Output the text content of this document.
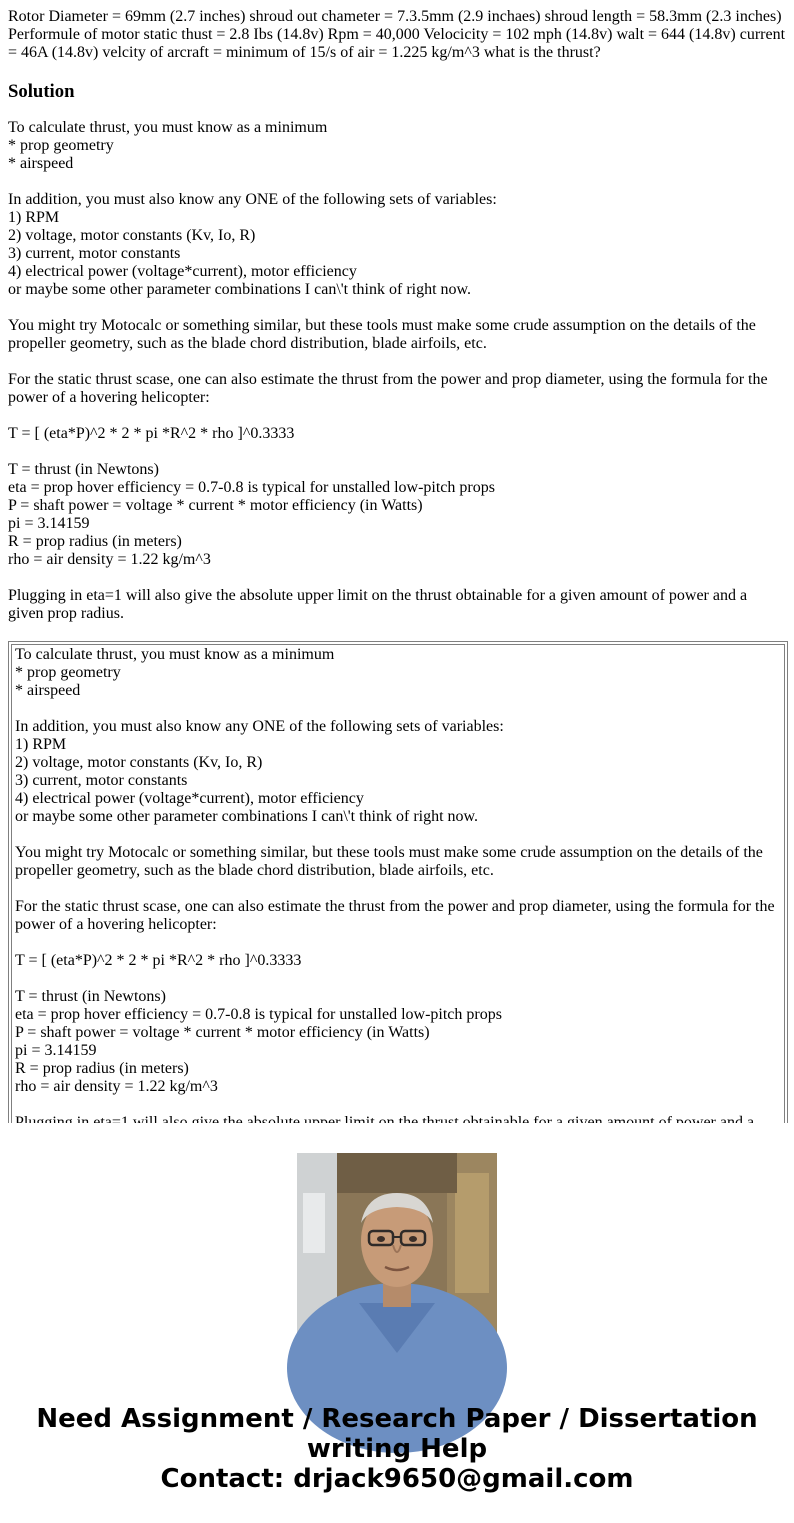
Rotor Diameter = 69mm (2.7 inches) shroud out chameter = 7.3.5mm (2.9 inchaes) shroud length = 58.3mm (2.3 inches) Performule of motor static thust = 2.8 Ibs (14.8v) Rpm = 40,000 Velocicity = 102 mph (14.8v) walt = 644 (14.8v) current = 46A (14.8v) velcity of arcraft = minimum of 15/s of air = 1.225 kg/m^3 what is the thrust?

Solution

To calculate thrust, you must know as a minimum

* prop geometry

* airspeed

In addition, you must also know any ONE of the following sets of variables:

1) RPM

2) voltage, motor constants (Kv, Io, R)

3) current, motor constants

4) electrical power (voltage*current), motor efficiency

or maybe some other parameter combinations I can\'t think of right now.

You might try Motocalc or something similar, but these tools must make some crude assumption on the details of the propeller geometry, such as the blade chord distribution, blade airfoils, etc.

For the static thrust scase, one can also estimate the thrust from the power and prop diameter, using the formula for the power of a hovering helicopter:

T = [ (eta*P)^2 * 2 * pi *R^2 * rho ]^0.3333

T = thrust (in Newtons)

eta = prop hover efficiency = 0.7-0.8 is typical for unstalled low-pitch props

P = shaft power = voltage * current * motor efficiency (in Watts)

pi = 3.14159

R = prop radius (in meters)

rho = air density = 1.22 kg/m^3

Plugging in eta=1 will also give the absolute upper limit on the thrust obtainable for a given amount of power and a given prop radius.

To calculate thrust, you must know as a minimum

* prop geometry

* airspeed

In addition, you must also know any ONE of the following sets of variables:

1) RPM

2) voltage, motor constants (Kv, Io, R)

3) current, motor constants

4) electrical power (voltage*current), motor efficiency

or maybe some other parameter combinations I can\'t think of right now.

You might try Motocalc or something similar, but these tools must make some crude assumption on the details of the propeller geometry, such as the blade chord distribution, blade airfoils, etc.

For the static thrust scase, one can also estimate the thrust from the power and prop diameter, using the formula for the power of a hovering helicopter:

T = [ (eta*P)^2 * 2 * pi *R^2 * rho ]^0.3333

T = thrust (in Newtons)

eta = prop hover efficiency = 0.7-0.8 is typical for unstalled low-pitch props

P = shaft power = voltage * current * motor efficiency (in Watts)

pi = 3.14159

R = prop radius (in meters)

rho = air density = 1.22 kg/m^3

Need Assignment / Research Paper / Dissertation
writing Help
Contact: drjack9650@gmail.com
